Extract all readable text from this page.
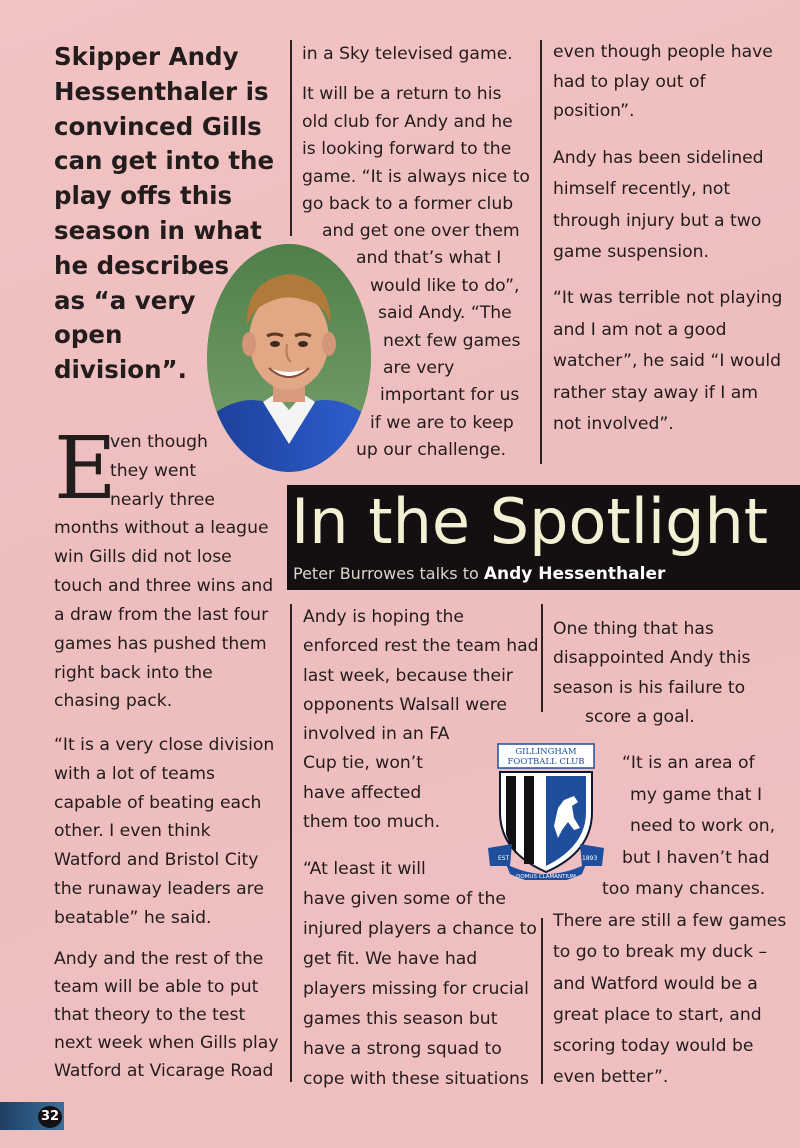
Skipper Andy
Hessenthaler is
convinced Gills
can get into the
play offs this
season in what
he describes
as “a very
open
division”.
in a Sky televised game.
It will be a return to his
old club for Andy and he
is looking forward to the
game. “It is always nice to
go back to a former club
and get one over them
and that’s what I
would like to do”,
said Andy. “The
next few games
are very
important for us
if we are to keep
up our challenge.
even though people have
had to play out of
position”.
Andy has been sidelined
himself recently, not
through injury but a two
game suspension.
“It was terrible not playing
and I am not a good
watcher”, he said “I would
rather stay away if I am
not involved”.
E
ven though
they went
nearly three
months without a league
win Gills did not lose
touch and three wins and
a draw from the last four
games has pushed them
right back into the
chasing pack.
“It is a very close division
with a lot of teams
capable of beating each
other. I even think
Watford and Bristol City
the runaway leaders are
beatable” he said.
Andy and the rest of the
team will be able to put
that theory to the test
next week when Gills play
Watford at Vicarage Road
In the Spotlight
Peter Burrowes talks to Andy Hessenthaler
Andy is hoping the
enforced rest the team had
last week, because their
opponents Walsall were
involved in an FA
Cup tie, won’t
have affected
them too much.
“At least it will
have given some of the
injured players a chance to
get fit. We have had
players missing for crucial
games this season but
have a strong squad to
cope with these situations
GILLINGHAM
FOOTBALL CLUB
EST	1893
DOMUS CLAMANTIUM
One thing that has
disappointed Andy this
season is his failure to
score a goal.
“It is an area of
my game that I
need to work on,
but I haven’t had
too many chances.
There are still a few games
to go to break my duck –
and Watford would be a
great place to start, and
scoring today would be
even better”.
32
